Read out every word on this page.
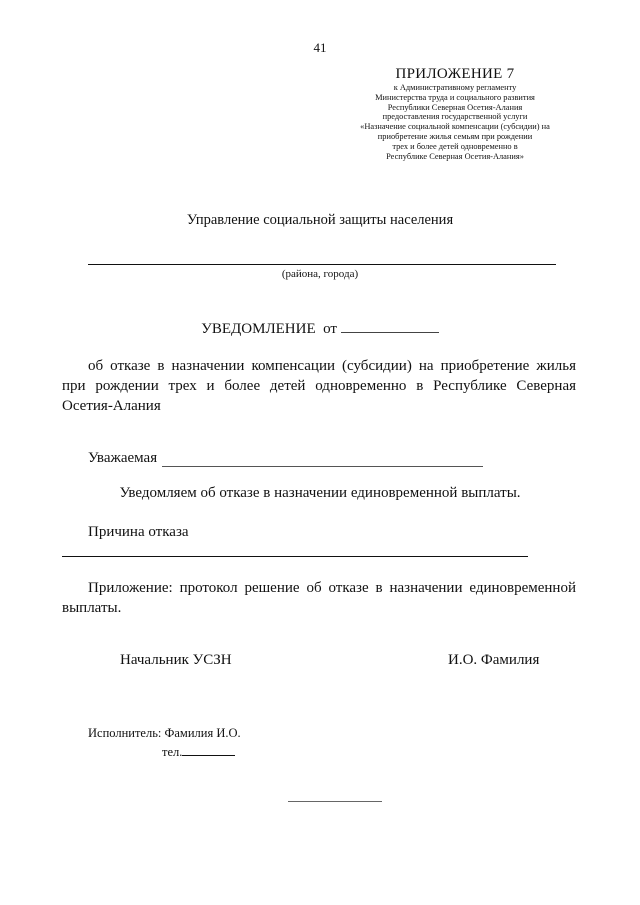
41
ПРИЛОЖЕНИЕ 7
к Административному регламенту
Министерства труда и социального развития
Республики Северная Осетия-Алания
предоставления государственной услуги
«Назначение социальной компенсации (субсидии) на
приобретение жилья семьям при рождении
трех и более детей одновременно в
Республике Северная Осетия-Алания»
Управление социальной защиты населения
(района, города)
УВЕДОМЛЕНИЕ от
об отказе в назначении компенсации (субсидии) на приобретение жилья при рождении трех и более детей одновременно в Республике Северная Осетия-Алания
Уважаемая
Уведомляем об отказе в назначении единовременной выплаты.
Причина отказа
Приложение: протокол решение об отказе в назначении единовременной выплаты.
Начальник УСЗН	И.О. Фамилия
Исполнитель: Фамилия И.О.
тел.
